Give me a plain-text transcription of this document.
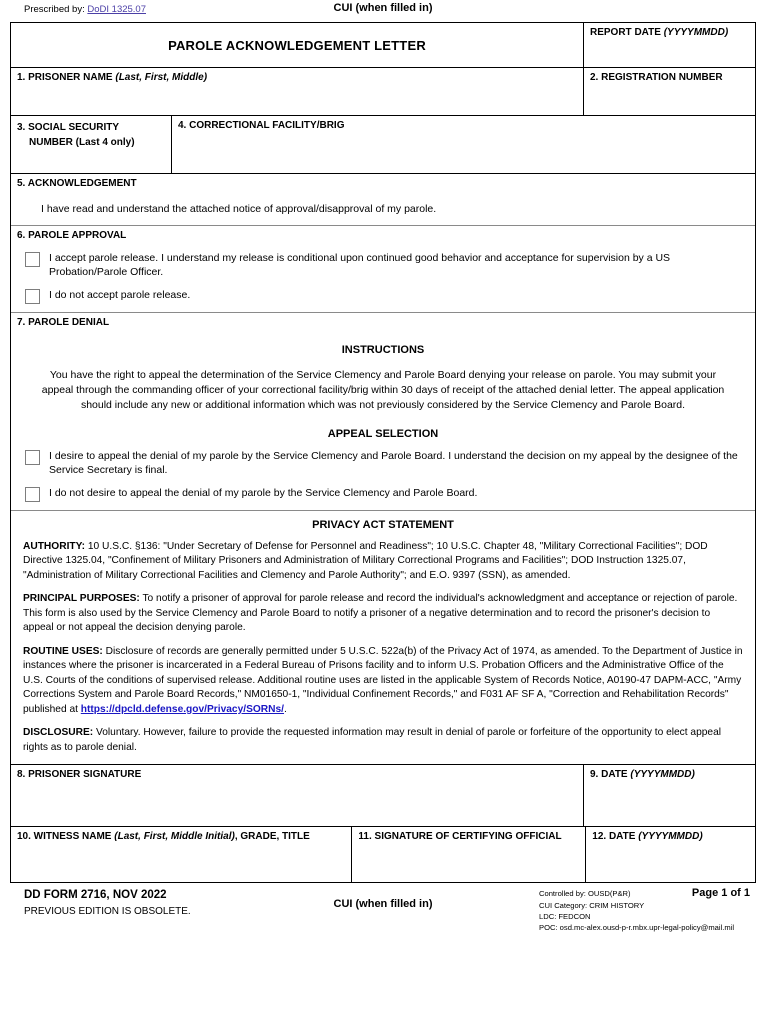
Prescribed by: DoDI 1325.07	CUI (when filled in)
PAROLE ACKNOWLEDGEMENT LETTER
REPORT DATE (YYYYMMDD)
1. PRISONER NAME (Last, First, Middle)	2. REGISTRATION NUMBER
3. SOCIAL SECURITY
NUMBER (Last 4 only)
4. CORRECTIONAL FACILITY/BRIG
5. ACKNOWLEDGEMENT
I have read and understand the attached notice of approval/disapproval of my parole.
6. PAROLE APPROVAL
I accept parole release. I understand my release is conditional upon continued good behavior and acceptance for supervision by a US Probation/Parole Officer.
I do not accept parole release.
7. PAROLE DENIAL
INSTRUCTIONS
You have the right to appeal the determination of the Service Clemency and Parole Board denying your release on parole. You may submit your appeal through the commanding officer of your correctional facility/brig within 30 days of receipt of the attached denial letter. The appeal application should include any new or additional information which was not previously considered by the Service Clemency and Parole Board.
APPEAL SELECTION
I desire to appeal the denial of my parole by the Service Clemency and Parole Board. I understand the decision on my appeal by the designee of the Service Secretary is final.
I do not desire to appeal the denial of my parole by the Service Clemency and Parole Board.
PRIVACY ACT STATEMENT
AUTHORITY: 10 U.S.C. §136: "Under Secretary of Defense for Personnel and Readiness"; 10 U.S.C. Chapter 48, "Military Correctional Facilities"; DOD Directive 1325.04, "Confinement of Military Prisoners and Administration of Military Correctional Programs and Facilities"; DOD Instruction 1325.07, "Administration of Military Correctional Facilities and Clemency and Parole Authority"; and E.O. 9397 (SSN), as amended.
PRINCIPAL PURPOSES: To notify a prisoner of approval for parole release and record the individual's acknowledgment and acceptance or rejection of parole. This form is also used by the Service Clemency and Parole Board to notify a prisoner of a negative determination and to record the prisoner's decision to appeal or not appeal the decision denying parole.
ROUTINE USES: Disclosure of records are generally permitted under 5 U.S.C. 522a(b) of the Privacy Act of 1974, as amended. To the Department of Justice in instances where the prisoner is incarcerated in a Federal Bureau of Prisons facility and to inform U.S. Probation Officers and the Administrative Office of the U.S. Courts of the conditions of supervised release. Additional routine uses are listed in the applicable System of Records Notice, A0190-47 DAPM-ACC, "Army Corrections System and Parole Board Records," NM01650-1, "Individual Confinement Records," and F031 AF SF A, "Correction and Rehabilitation Records" published at https://dpcld.defense.gov/Privacy/SORNs/.
DISCLOSURE: Voluntary. However, failure to provide the requested information may result in denial of parole or forfeiture of the opportunity to elect appeal rights as to parole denial.
8. PRISONER SIGNATURE	9. DATE (YYYYMMDD)
10. WITNESS NAME (Last, First, Middle Initial), GRADE, TITLE	11. SIGNATURE OF CERTIFYING OFFICIAL	12. DATE (YYYYMMDD)
DD FORM 2716, NOV 2022
PREVIOUS EDITION IS OBSOLETE.
CUI (when filled in)
Controlled by: OUSD(P&R)
CUI Category: CRIM HISTORY
LDC: FEDCON
POC: osd.mc-alex.ousd-p-r.mbx.upr-legal-policy@mail.mil
Page 1 of 1
